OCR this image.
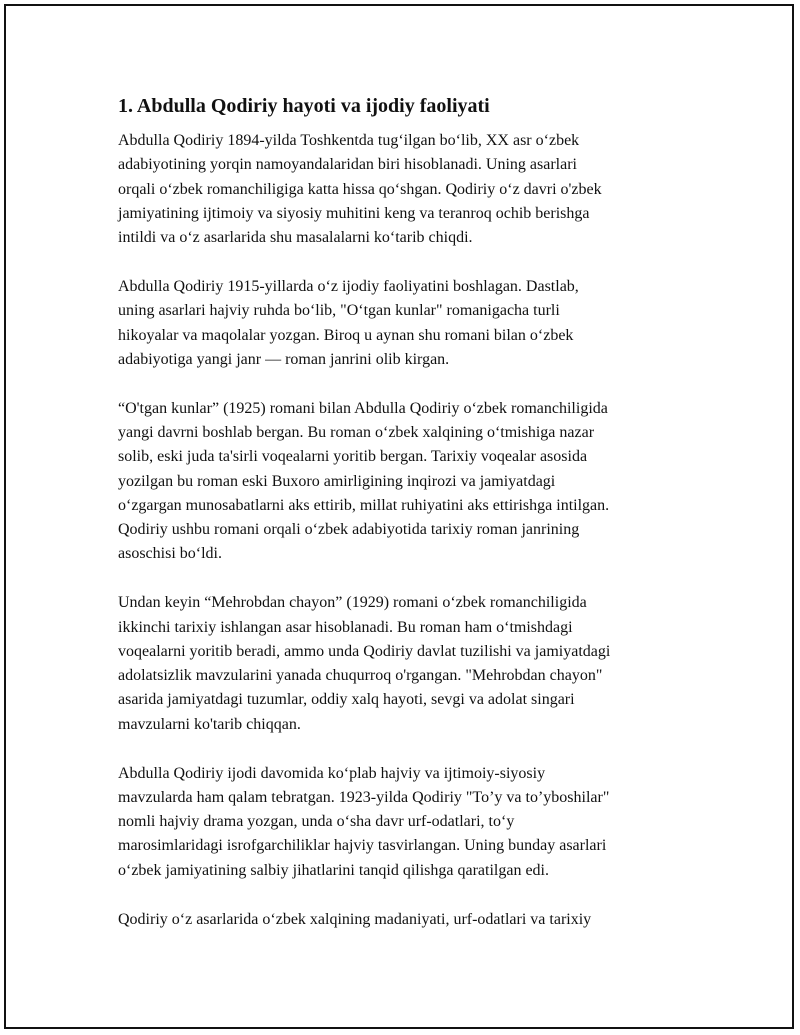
1. Abdulla Qodiriy hayoti va ijodiy faoliyati

Abdulla Qodiriy 1894-yilda Toshkentda tug‘ilgan bo‘lib, XX asr o‘zbek
adabiyotining yorqin namoyandalaridan biri hisoblanadi. Uning asarlari
orqali o‘zbek romanchiligiga katta hissa qo‘shgan. Qodiriy o‘z davri o'zbek
jamiyatining ijtimoiy va siyosiy muhitini keng va teranroq ochib berishga
intildi va o‘z asarlarida shu masalalarni ko‘tarib chiqdi.

Abdulla Qodiriy 1915-yillarda o‘z ijodiy faoliyatini boshlagan. Dastlab,
uning asarlari hajviy ruhda bo‘lib, "O‘tgan kunlar" romanigacha turli
hikoyalar va maqolalar yozgan. Biroq u aynan shu romani bilan o‘zbek
adabiyotiga yangi janr — roman janrini olib kirgan.

“O'tgan kunlar” (1925) romani bilan Abdulla Qodiriy o‘zbek romanchiligida
yangi davrni boshlab bergan. Bu roman o‘zbek xalqining o‘tmishiga nazar
solib, eski juda ta'sirli voqealarni yoritib bergan. Tarixiy voqealar asosida
yozilgan bu roman eski Buxoro amirligining inqirozi va jamiyatdagi
o‘zgargan munosabatlarni aks ettirib, millat ruhiyatini aks ettirishga intilgan.
Qodiriy ushbu romani orqali o‘zbek adabiyotida tarixiy roman janrining
asoschisi bo‘ldi.

Undan keyin “Mehrobdan chayon” (1929) romani o‘zbek romanchiligida
ikkinchi tarixiy ishlangan asar hisoblanadi. Bu roman ham o‘tmishdagi
voqealarni yoritib beradi, ammo unda Qodiriy davlat tuzilishi va jamiyatdagi
adolatsizlik mavzularini yanada chuqurroq o'rgangan. "Mehrobdan chayon"
asarida jamiyatdagi tuzumlar, oddiy xalq hayoti, sevgi va adolat singari
mavzularni ko'tarib chiqqan.

Abdulla Qodiriy ijodi davomida ko‘plab hajviy va ijtimoiy-siyosiy
mavzularda ham qalam tebratgan. 1923-yilda Qodiriy "To’y va to’yboshilar"
nomli hajviy drama yozgan, unda o‘sha davr urf-odatlari, to‘y
marosimlaridagi isrofgarchiliklar hajviy tasvirlangan. Uning bunday asarlari
o‘zbek jamiyatining salbiy jihatlarini tanqid qilishga qaratilgan edi.

Qodiriy o‘z asarlarida o‘zbek xalqining madaniyati, urf-odatlari va tarixiy
